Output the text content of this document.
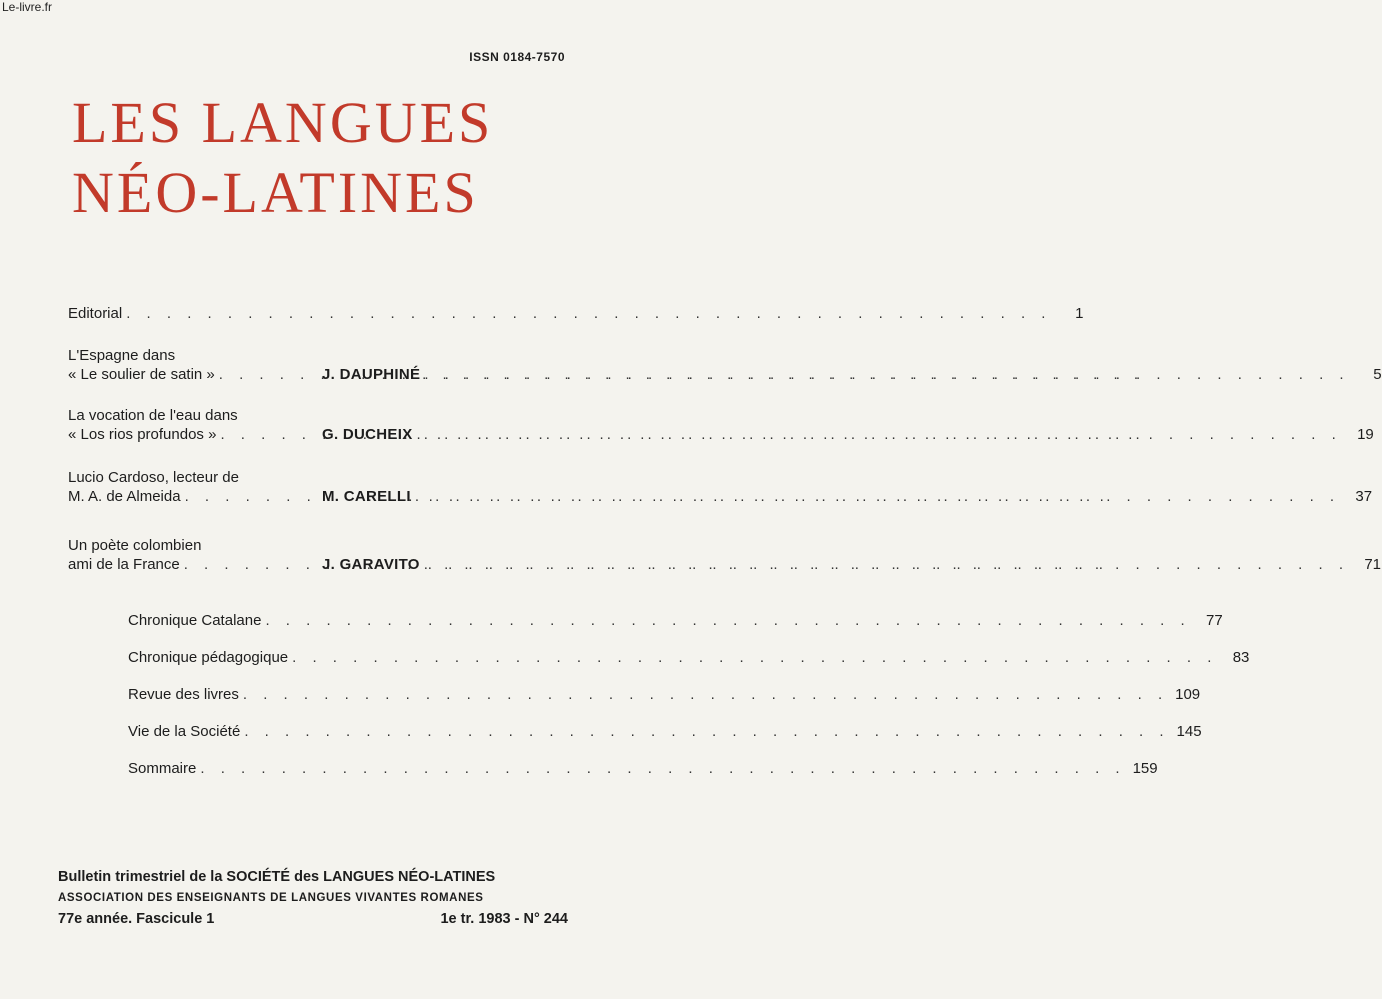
Le-livre.fr
ISSN 0184-7570
LES LANGUES
NÉO-LATINES
Editorial . . .	1
L'Espagne dans
« Le soulier de satin » . . .	J. DAUPHINÉ . . .	5
La vocation de l'eau dans
« Los rios profundos » . . .	G. DUCHEIX . . .	19
Lucio Cardoso, lecteur de
M. A. de Almeida . . .	M. CARELLI . . .	37
Un poète colombien
ami de la France . . .	J. GARAVITO . . .	71
Chronique Catalane . . .	77
Chronique pédagogique . . .	83
Revue des livres . . .	109
Vie de la Société . . .	145
Sommaire . . .	159
Bulletin trimestriel de la SOCIÉTÉ des LANGUES NÉO-LATINES
ASSOCIATION DES ENSEIGNANTS DE LANGUES VIVANTES ROMANES
77e année. Fascicule 1	1e tr. 1983 - N° 244
